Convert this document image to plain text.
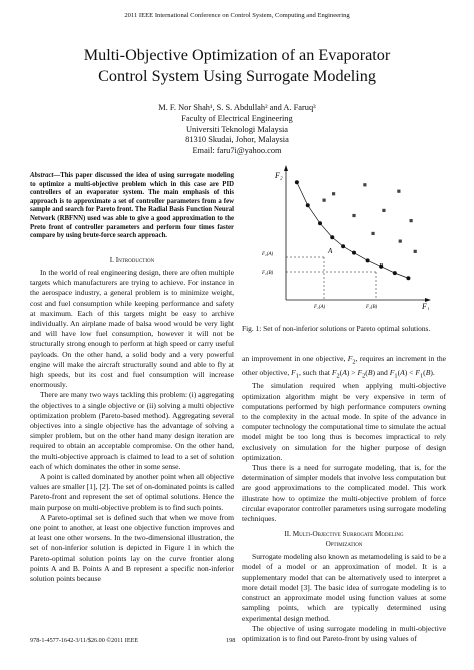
2011 IEEE International Conference on Control System, Computing and Engineering
Multi-Objective Optimization of an Evaporator
Control System Using Surrogate Modeling
M. F. Nor Shah¹, S. S. Abdullah² and A. Faruq³
Faculty of Electrical Engineering
Universiti Teknologi Malaysia
81310 Skudai, Johor, Malaysia
Email: faru7i@yahoo.com
Abstract—This paper discussed the idea of using surrogate modeling to optimize a multi-objective problem which in this case are PID controllers of an evaporator system. The main emphasis of this approach is to approximate a set of controller parameters from a few sample and search for Pareto front. The Radial Basis Function Neural Network (RBFNN) used was able to give a good approximation to the Preto front of controller parameters and perform four times faster compare by using brute-force search approach.
I. Introduction

In the world of real engineering design, there are often multiple targets which manufacturers are trying to achieve. For instance in the aerospace industry, a general problem is to minimize weight, cost and fuel consumption while keeping performance and safety at maximum. Each of this targets might be easy to archive individually. An airplane made of balsa wood would be very light and will have low fuel consumption, however it will not be structurally strong enough to perform at high speed or carry useful payloads. On the other hand, a solid body and a very powerful engine will make the aircraft structurally sound and able to fly at high speeds, but its cost and fuel consumption will increase enormously.

There are many two ways tackling this problem: (i) aggregating the objectives to a single objective or (ii) solving a multi objective optimization problem (Pareto-based method). Aggregating several objectives into a single objective has the advantage of solving a simpler problem, but on the other hand many design iteration are required to obtain an acceptable compromise. On the other hand, the multi-objective approach is claimed to lead to a set of solution each of which dominates the other in some sense.

A point is called dominated by another point when all objective values are smaller [1], [2]. The set of on-dominated points is called Pareto-front and represent the set of optimal solutions. Hence the main purpose on multi-objective problem is to find such points.

A Pareto-optimal set is defined such that when we move from one point to another, at least one objective function improves and at least one other worsens. In the two-dimensional illustration, the set of non-inferior solution is depicted in Figure 1 in which the Pareto-optimal solution points lay on the curve frontier along points A and B. Points A and B represent a specific non-inferior solution points because

F₂
F₁
A
B
F₂(A)
F₂(B)
F₁(A)	F₁(B)
Fig. 1: Set of non-inferior solutions or Pareto optimal solutions.

an improvement in one objective, $F_2$, requires an increment in the other objective, $F_1$, such that $F_2(A) > F_2(B)$ and $F_1(A) < F_1(B)$.

The simulation required when applying multi-objective optimization algorithm might be very expensive in term of computations performed by high performance computers owning to the complexity in the actual mode. In spite of the advance in computer technology the computational time to simulate the actual model might be too long thus is becomes impractical to rely exclusively on simulation for the higher purpose of design optimization.

Thus there is a need for surrogate modeling, that is, for the determination of simpler models that involve less computation but are good approximations to the complicated model. This work illustrate how to optimize the multi-objective problem of force circular evaporator controller parameters using surrogate modeling techniques.

II. Multi-Objective Surrogate Modeling
Optimization

Surrogate modeling also known as metamodeling is said to be a model of a model or an approximation of model. It is a supplementary model that can be alternatively used to interpret a more detail model [3]. The basic idea of surrogate modeling is to construct an approximate model using function values at some sampling points, which are typically determined using experimental design method.

The objective of using surrogate modeling in multi-objective optimization is to find out Pareto-front by using values of

978-1-4577-1642-3/11/$26.00 ©2011 IEEE	198
